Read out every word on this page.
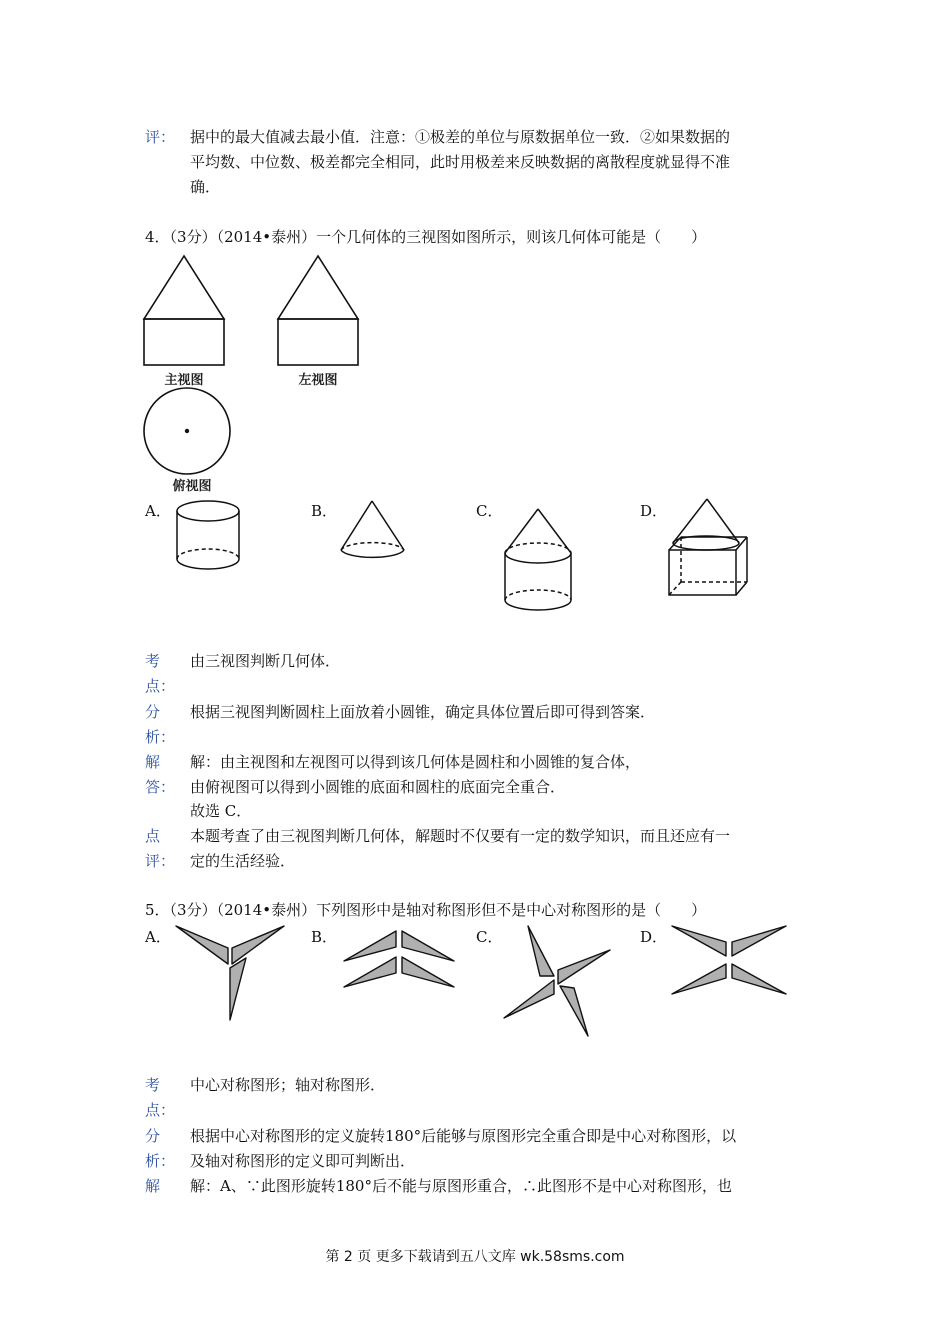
评： 据中的最大值减去最小值．注意：①极差的单位与原数据单位一致．②如果数据的
平均数、中位数、极差都完全相同，此时用极差来反映数据的离散程度就显得不准
确．
4．（3分）（2014•泰州）一个几何体的三视图如图所示，则该几何体可能是（　　）
主视图	左视图
俯视图
A．	B．	C．	D．
考
点：
由三视图判断几何体．
分
析：
根据三视图判断圆柱上面放着小圆锥，确定具体位置后即可得到答案．
解
答：
解：由主视图和左视图可以得到该几何体是圆柱和小圆锥的复合体，
由俯视图可以得到小圆锥的底面和圆柱的底面完全重合．
故选 C．
点
评：
本题考查了由三视图判断几何体，解题时不仅要有一定的数学知识，而且还应有一
定的生活经验．
5．（3分）（2014•泰州）下列图形中是轴对称图形但不是中心对称图形的是（　　）
A．	B．	C．	D．
考
点：
中心对称图形；轴对称图形．
分
析：
根据中心对称图形的定义旋转180°后能够与原图形完全重合即是中心对称图形，以
及轴对称图形的定义即可判断出．
解 解：A、∵此图形旋转180°后不能与原图形重合，∴此图形不是中心对称图形，也
第 2 页 更多下载请到五八文库 wk.58sms.com
